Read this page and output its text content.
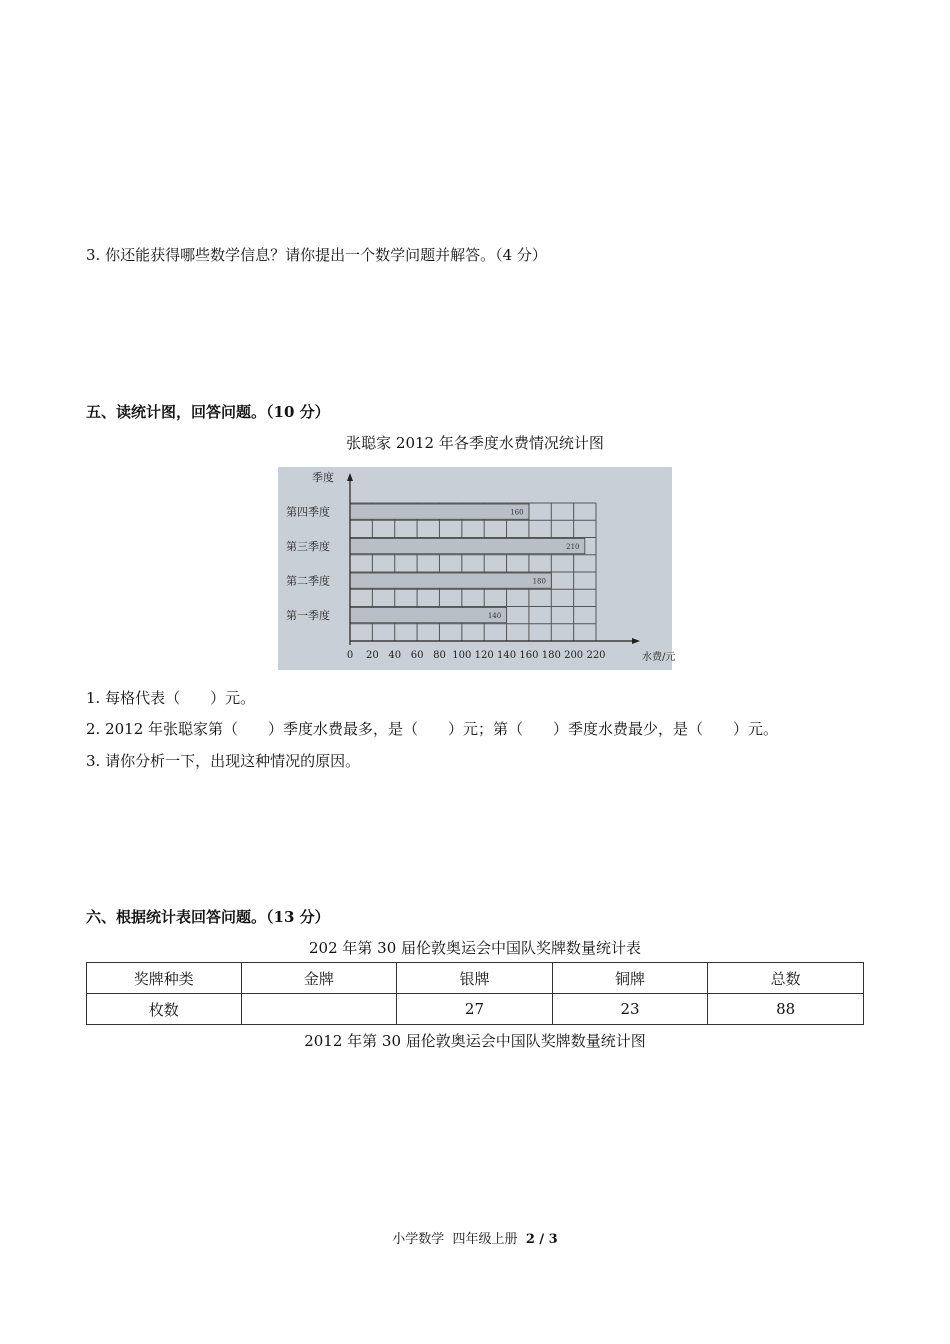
3. 你还能获得哪些数学信息？请你提出一个数学问题并解答。（4 分）
五、读统计图，回答问题。（10 分）
张聪家 2012 年各季度水费情况统计图
160
第四季度
210
第三季度
180
第二季度
140
第一季度
季度
水费/元
0 20 40 60 80 100 120 140 160 180 200 220
1. 每格代表（　　）元。
2. 2012 年张聪家第（　　）季度水费最多，是（　　）元；第（　　）季度水费最少，是（　　）元。
3. 请你分析一下，出现这种情况的原因。
六、根据统计表回答问题。（13 分）
202 年第 30 届伦敦奥运会中国队奖牌数量统计表
奖牌种类	金牌	银牌	铜牌	总数
枚数		27	23	88
2012 年第 30 届伦敦奥运会中国队奖牌数量统计图
小学数学 四年级上册 2 / 3
